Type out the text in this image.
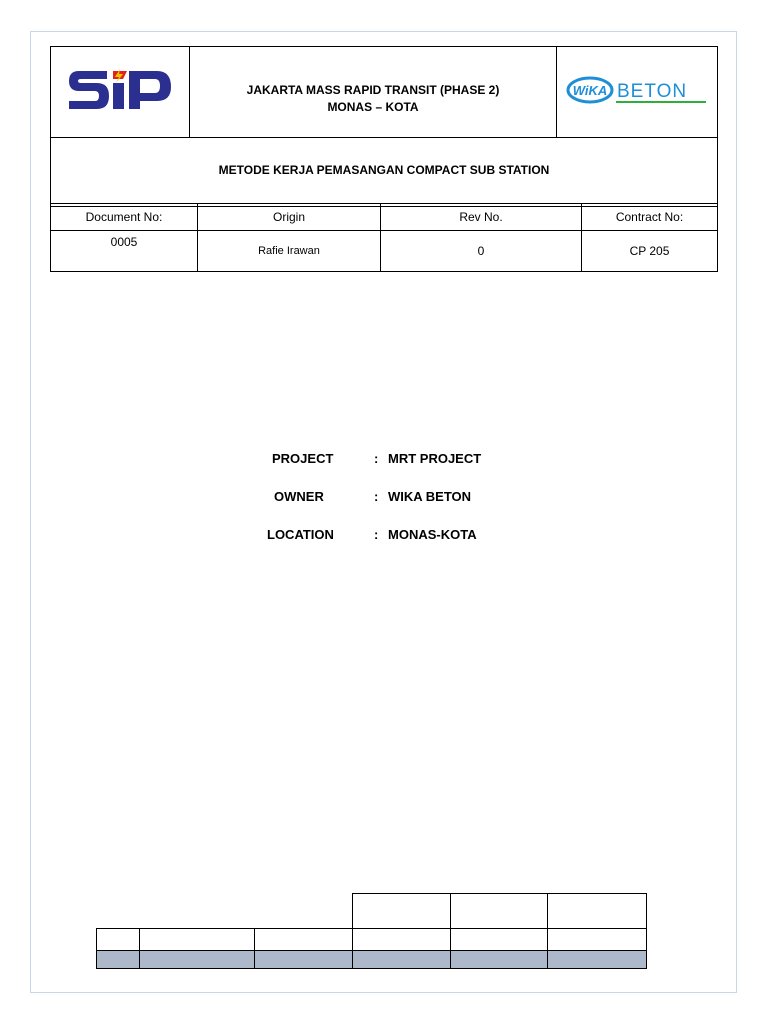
JAKARTA MASS RAPID TRANSIT (PHASE 2)
MONAS – KOTA

WiKA BETON

METODE KERJA PEMASANGAN COMPACT SUB STATION
Document No:	Origin	Rev No.	Contract No:
0005	Rafie Irawan	0	CP 205
PROJECT	: MRT PROJECT
OWNER	: WIKA BETON
LOCATION	: MONAS-KOTA
